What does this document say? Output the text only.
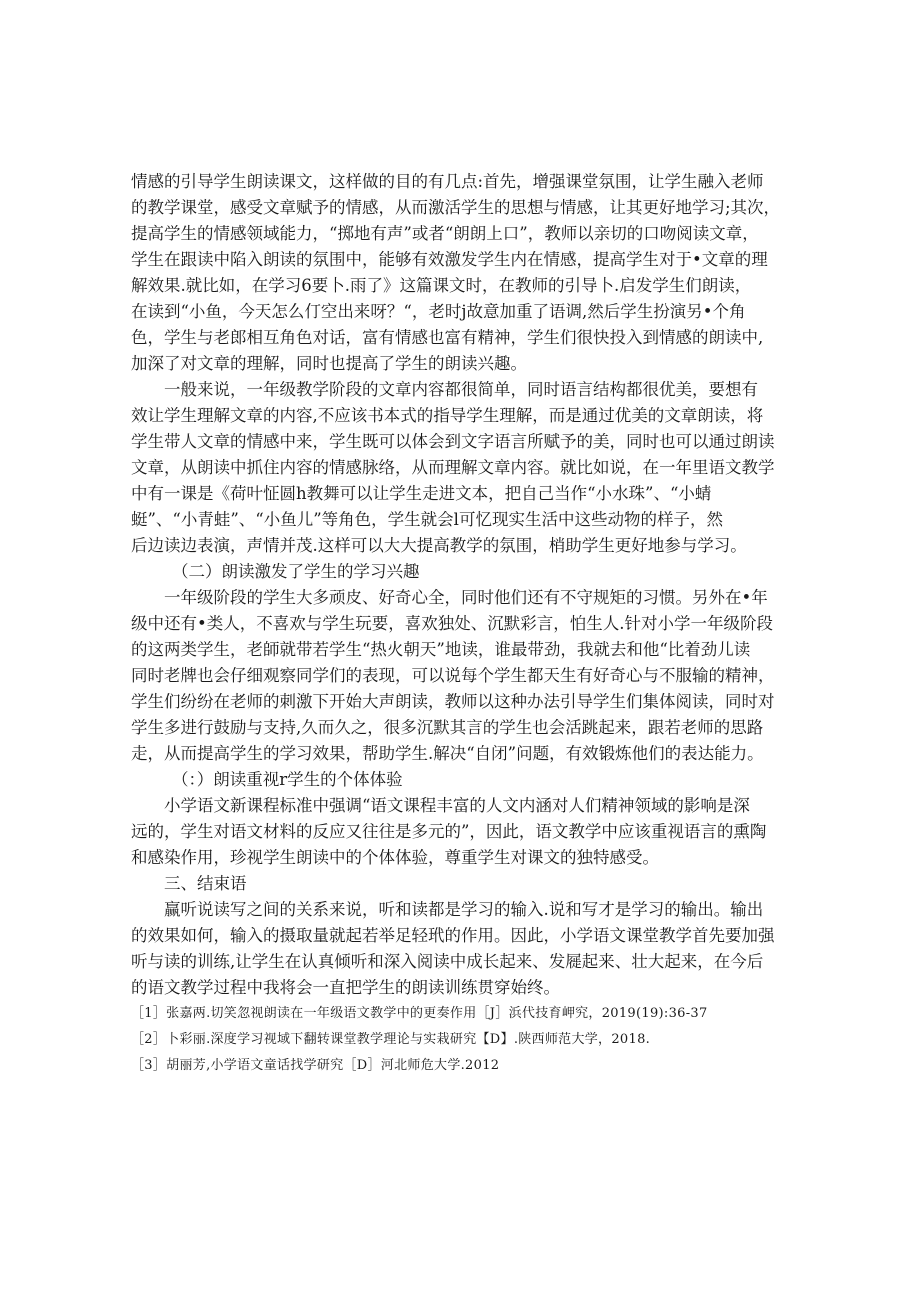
情感的引导学生朗读课文，这样做的目的有几点:首先，增强课堂氛围，让学生融入老师
的教学课堂，感受文章赋予的情感，从而激活学生的思想与情感，让其更好地学习;其次，
提高学生的情感领域能力，“掷地有声”或者“朗朗上口”，教师以亲切的口吻阅读文章，
学生在跟读中陷入朗读的氛围中，能够有效激发学生内在情感，提高学生对于•文章的理
解效果.就比如，在学习6要卜.雨了》这篇课文时，在教师的引导卜.启发学生们朗读，
在读到“小鱼，今天怎么仃空出来呀？“，老时j故意加重了语调,然后学生扮演另•个角
色，学生与老郎相互角色对话，富有情感也富有精神，学生们很快投入到情感的朗读中,
加深了对文章的理解，同时也提高了学生的朗读兴趣。
一般来说，一年级教学阶段的文章内容都很简单，同时语言结构都很优美，要想有
效让学生理解文章的内容,不应该书本式的指导学生理解，而是通过优美的文章朗读，将
学生带人文章的情感中来，学生既可以体会到文字语言所赋予的美，同时也可以通过朗读
文章，从朗读中抓住内容的情感脉络，从而理解文章内容。就比如说，在一年里语文教学
中有一课是《荷叶怔圆h教舞可以让学生走进文本，把自己当作“小水珠”、“小蜻
蜓”、“小青蛙”、“小鱼儿”等角色，学生就会l可忆现实生活中这些动物的样子，然
后边读边表演，声情并茂.这样可以大大提高教学的氛围，梢助学生更好地参与学习。
（二）朗读激发了学生的学习兴趣
一年级阶段的学生大多顽皮、好奇心全，同时他们还有不守规矩的习惯。另外在•年
级中还有•类人，不喜欢与学生玩要，喜欢独处、沉默彩言，怕生人.针对小学一年级阶段
的这两类学生，老師就带若学生“热火朝天”地读，谁最带劲，我就去和他“比着劲儿读
同时老牌也会仔细观察同学们的表现，可以说每个学生都天生有好奇心与不服输的精神，
学生们纷纷在老师的刺激下开始大声朗读，教师以这种办法引导学生们集体阅读，同时对
学生多进行鼓励与支持,久而久之，很多沉默其言的学生也会活跳起来，跟若老师的思路
走，从而提高学生的学习效果，帮助学生.解决“自闭”问题，有效锻炼他们的表达能力。
（：）朗读重视r学生的个体体验
小学语文新课程标准中强调“语文课程丰富的人文内涵对人们精神领域的影响是深
远的，学生对语文材料的反应又往往是多元的”，因此，语文教学中应该重视语言的熏陶
和感染作用，珍视学生朗读中的个体体验，尊重学生对课文的独特感受。
三、结束语
赢听说读写之间的关系来说，听和读都是学习的输入.说和写才是学习的输出。输出
的效果如何，输入的摄取量就起若举足轻玳的作用。因此，小学语文课堂教学首先要加强
听与读的训练,让学生在认真倾听和深入阅读中成长起来、发屣起来、壮大起来，在今后
的语文教学过程中我将会一直把学生的朗读训练贯穿始终。
［1］张嘉两.切笑忽视朗读在一年级语文教学中的更奏作用［J］浜代技育岬究，2019(19):36-37
［2］卜彩丽.深度学习视域下翻转课堂教学理论与实栽研究【D】.陕西师范大学，2018.
［3］胡丽芳,小学语文童话找学研究［D］河北师危大学.2012
